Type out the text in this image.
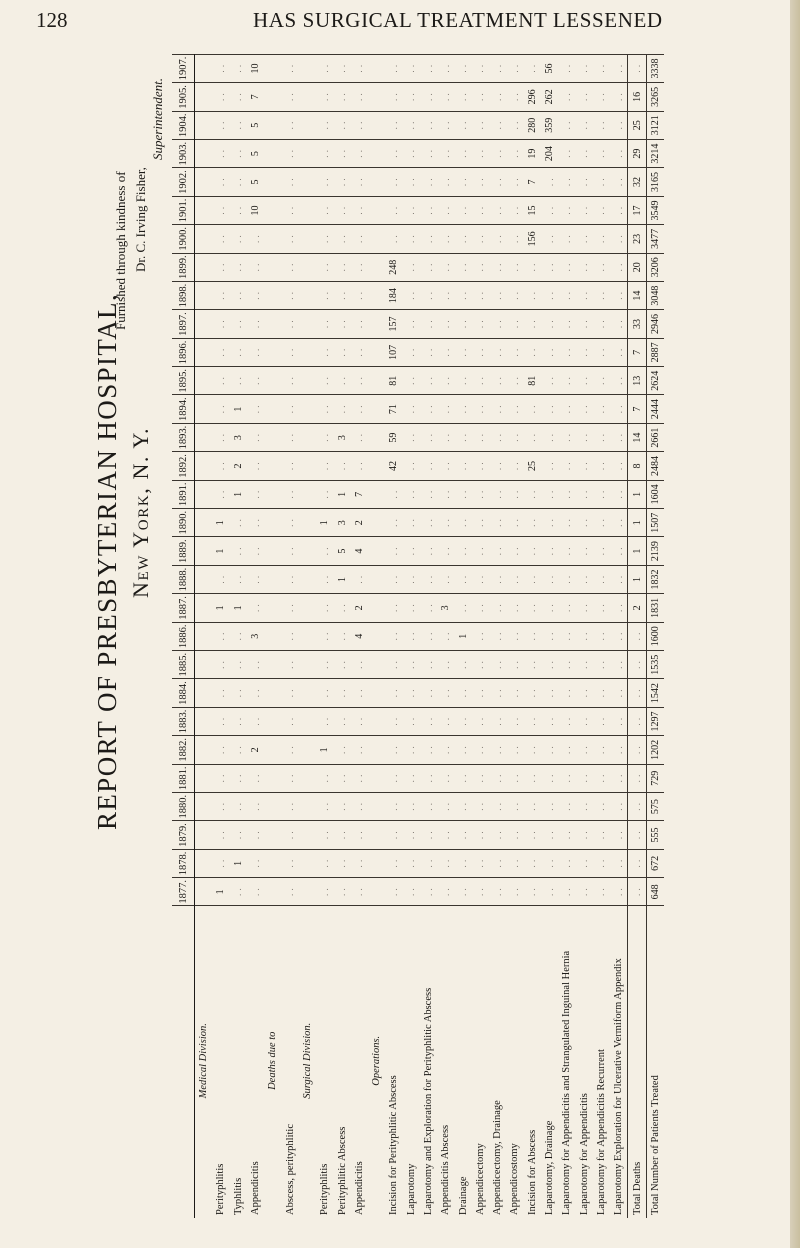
128	HAS SURGICAL TREATMENT LESSENED
REPORT OF PRESBYTERIAN HOSPITAL, New York, N. Y.
Furnished through kindness of Dr. C. Irving Fisher,
Superintendent.
	1877.	1878.	1879.	1880.	1881.	1882.	1883.	1884.	1885.	1886.	1887.	1888.	1889.	1890.	1891.	1892.	1893.	1894.	1895.	1896.	1897.	1898.	1899.	1900.	1901.	1902.	1903.	1904.	1905.	1907.
Medical Division.																														
Perityphlitis	1	. .	. .	. .	. .	. .	. .	. .	. .	. .	1	. .	1	1	. .	. .	. .	. .	. .	. .	. .	. .	. .	. .	. .	. .	. .	. .	. .	. .
Typhlitis	. .	1	. .	. .	. .	. .	. .	. .	. .	. .	1	. .	. .	. .	1	2	3	1	. .	. .	. .	. .	. .	. .	. .	. .	. .	. .	. .	. .
Appendicitis	. .	. .	. .	. .	. .	2	. .	. .	. .	3	. .	. .	. .	. .	. .	. .	. .	. .	. .	. .	. .	. .	. .	. .	10	5	5	5	7	10
Deaths due to																														
Abscess, perityphlitic	. .	. .	. .	. .	. .	. .	. .	. .	. .	. .	. .	. .	. .	. .	. .	. .	. .	. .	. .	. .	. .	. .	. .	. .	. .	. .	. .	. .	. .	. .
Surgical Division.																														
Perityphlitis	. .	. .	. .	. .	. .	1	. .	. .	. .	. .	. .	. .	. .	1	. .	. .	. .	. .	. .	. .	. .	. .	. .	. .	. .	. .	. .	. .	. .	. .
Perityphlitic Abscess	. .	. .	. .	. .	. .	. .	. .	. .	. .	. .	. .	1	5	3	1	. .	3	. .	. .	. .	. .	. .	. .	. .	. .	. .	. .	. .	. .	. .
Appendicitis	. .	. .	. .	. .	. .	. .	. .	. .	. .	4	2	. .	4	2	7	. .	. .	. .	. .	. .	. .	. .	. .	. .	. .	. .	. .	. .	. .	. .
Operations.																														
Incision for Perityphlitic Abscess	. .	. .	. .	. .	. .	. .	. .	. .	. .	. .	. .	. .	. .	. .	. .	42	59	71	81	107	157	184	248	. .	. .	. .	. .	. .	. .	. .
Laparotomy	. .	. .	. .	. .	. .	. .	. .	. .	. .	. .	. .	. .	. .	. .	. .	. .	. .	. .	. .	. .	. .	. .	. .	. .	. .	. .	. .	. .	. .	. .
Laparotomy and Exploration for Perityphlitic Abscess	. .	. .	. .	. .	. .	. .	. .	. .	. .	. .	. .	. .	. .	. .	. .	. .	. .	. .	. .	. .	. .	. .	. .	. .	. .	. .	. .	. .	. .	. .
Appendicitis Abscess	. .	. .	. .	. .	. .	. .	. .	. .	. .	. .	3	. .	. .	. .	. .	. .	. .	. .	. .	. .	. .	. .	. .	. .	. .	. .	. .	. .	. .	. .
Drainage	. .	. .	. .	. .	. .	. .	. .	. .	. .	1	. .	. .	. .	. .	. .	. .	. .	. .	. .	. .	. .	. .	. .	. .	. .	. .	. .	. .	. .	. .
Appendicectomy	. .	. .	. .	. .	. .	. .	. .	. .	. .	. .	. .	. .	. .	. .	. .	. .	. .	. .	. .	. .	. .	. .	. .	. .	. .	. .	. .	. .	. .	. .
Appendicectomy, Drainage	. .	. .	. .	. .	. .	. .	. .	. .	. .	. .	. .	. .	. .	. .	. .	. .	. .	. .	. .	. .	. .	. .	. .	. .	. .	. .	. .	. .	. .	. .
Appendicostomy	. .	. .	. .	. .	. .	. .	. .	. .	. .	. .	. .	. .	. .	. .	. .	. .	. .	. .	. .	. .	. .	. .	. .	. .	. .	. .	. .	. .	. .	. .
Incision for Abscess	. .	. .	. .	. .	. .	. .	. .	. .	. .	. .	. .	. .	. .	. .	. .	25	. .	. .	81	. .	. .	. .	. .	156	15	7	19	280	296	. .
Laparotomy, Drainage	. .	. .	. .	. .	. .	. .	. .	. .	. .	. .	. .	. .	. .	. .	. .	. .	. .	. .	. .	. .	. .	. .	. .	. .	. .	. .	204	359	262	56
Laparotomy for Appendicitis and Strangulated Inguinal Hernia	. .	. .	. .	. .	. .	. .	. .	. .	. .	. .	. .	. .	. .	. .	. .	. .	. .	. .	. .	. .	. .	. .	. .	. .	. .	. .	. .	. .	. .	. .
Laparotomy for Appendicitis	. .	. .	. .	. .	. .	. .	. .	. .	. .	. .	. .	. .	. .	. .	. .	. .	. .	. .	. .	. .	. .	. .	. .	. .	. .	. .	. .	. .	. .	. .
Laparotomy for Appendicitis Recurrent	. .	. .	. .	. .	. .	. .	. .	. .	. .	. .	. .	. .	. .	. .	. .	. .	. .	. .	. .	. .	. .	. .	. .	. .	. .	. .	. .	. .	. .	. .
Laparotomy Exploration for Ulcerative Vermiform Appendix	. .	. .	. .	. .	. .	. .	. .	. .	. .	. .	. .	. .	. .	. .	. .	. .	. .	. .	. .	. .	. .	. .	. .	. .	. .	. .	. .	. .	. .	. .
Total Deaths	. .	. .	. .	. .	. .	. .	. .	. .	. .	. .	2	1	1	1	1	8	14	7	13	7	33	14	20	23	17	32	29	25	16	. .
Total Number of Patients Treated	648	672	555	575	729	1202	1297	1542	1535	1600	1831	1832	2139	1507	1604	2484	2661	2444	2624	2887	2946	3048	3206	3477	3549	3165	3214	3121	3265	3338
